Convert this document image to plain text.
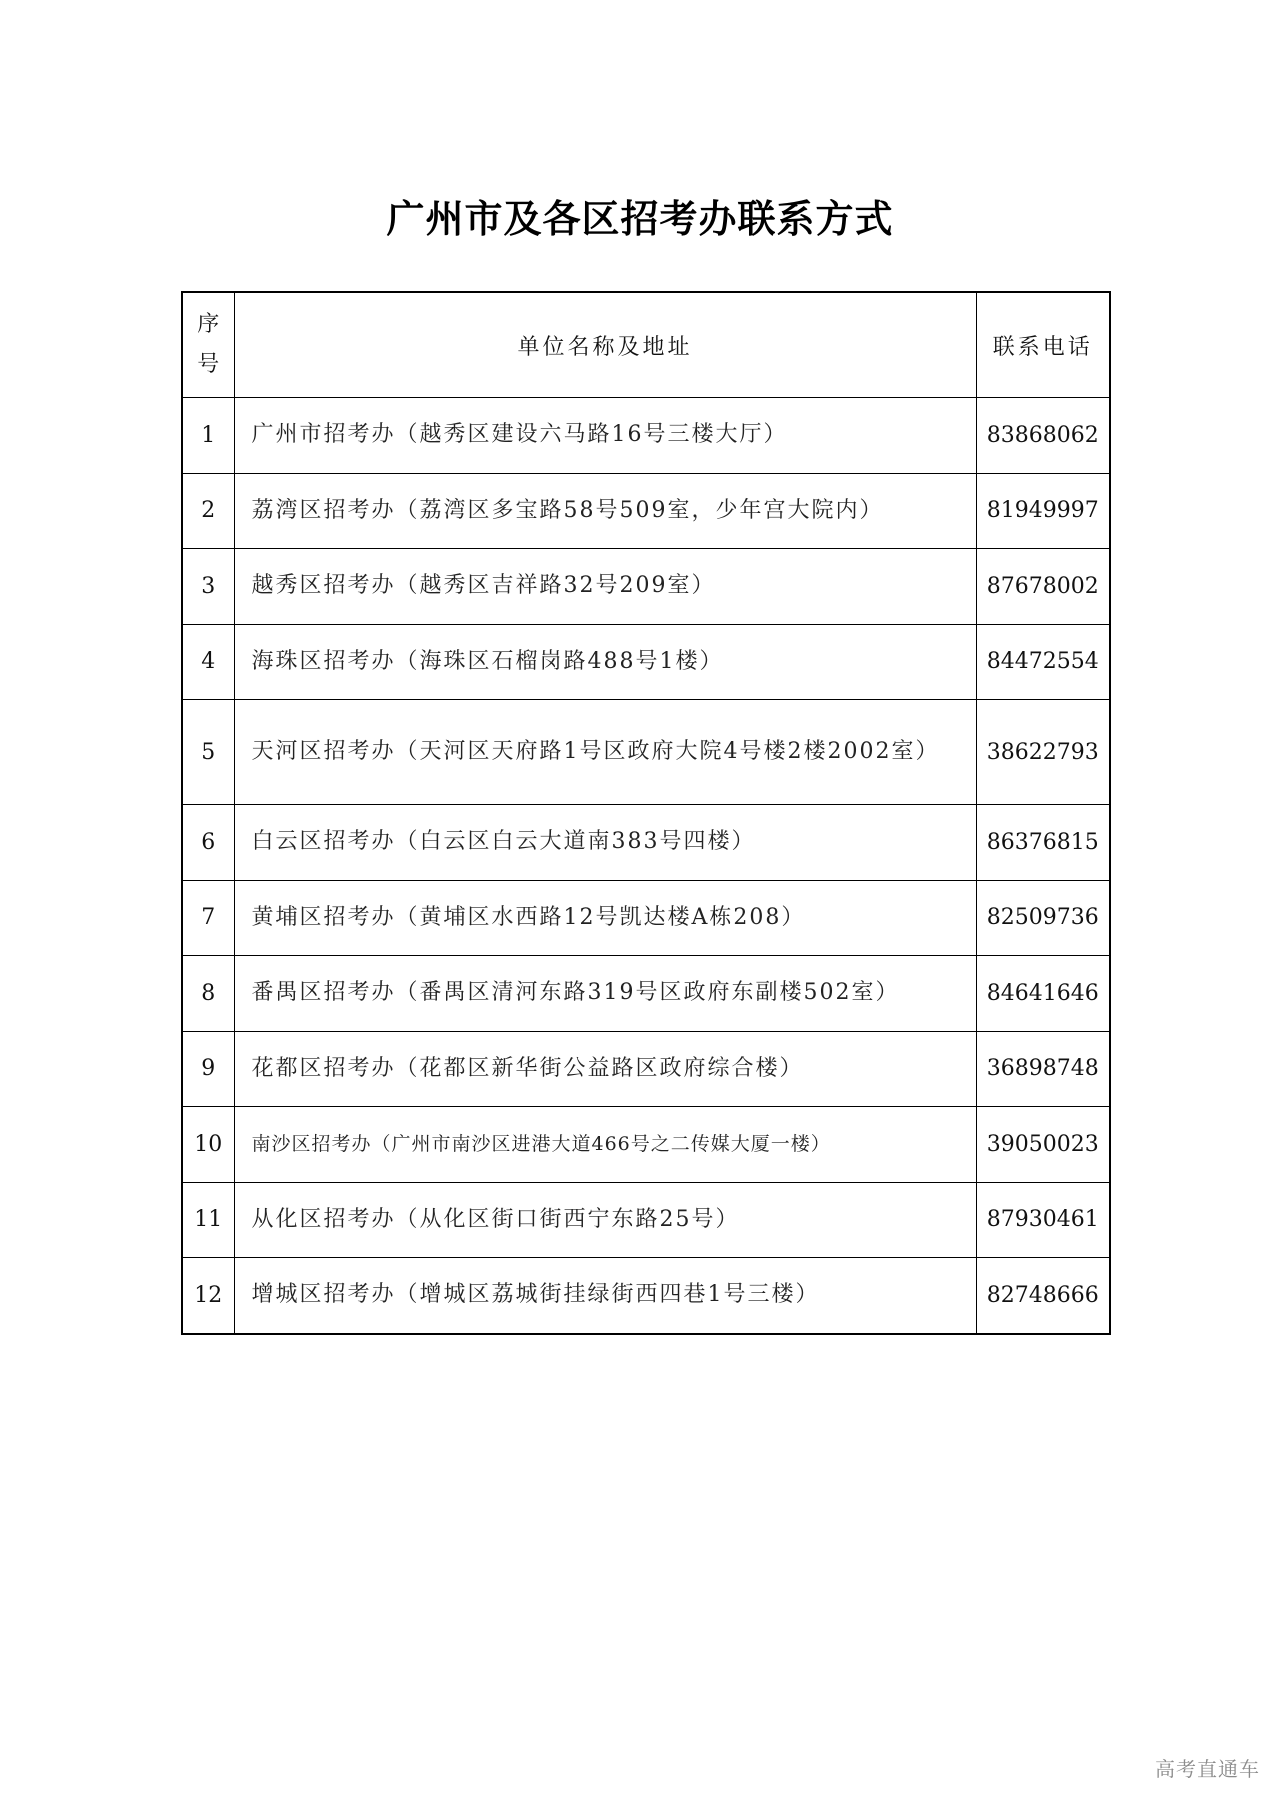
广州市及各区招考办联系方式
序
号	单位名称及地址	联系电话
1	广州市招考办（越秀区建设六马路16号三楼大厅）	83868062
2	荔湾区招考办（荔湾区多宝路58号509室，少年宫大院内）	81949997
3	越秀区招考办（越秀区吉祥路32号209室）	87678002
4	海珠区招考办（海珠区石榴岗路488号1楼）	84472554
5	天河区招考办（天河区天府路1号区政府大院4号楼2楼2002室）	38622793
6	白云区招考办（白云区白云大道南383号四楼）	86376815
7	黄埔区招考办（黄埔区水西路12号凯达楼A栋208）	82509736
8	番禺区招考办（番禺区清河东路319号区政府东副楼502室）	84641646
9	花都区招考办（花都区新华街公益路区政府综合楼）	36898748
10	南沙区招考办（广州市南沙区进港大道466号之二传媒大厦一楼）	39050023
11	从化区招考办（从化区街口街西宁东路25号）	87930461
12	增城区招考办（增城区荔城街挂绿街西四巷1号三楼）	82748666
高考直通车
